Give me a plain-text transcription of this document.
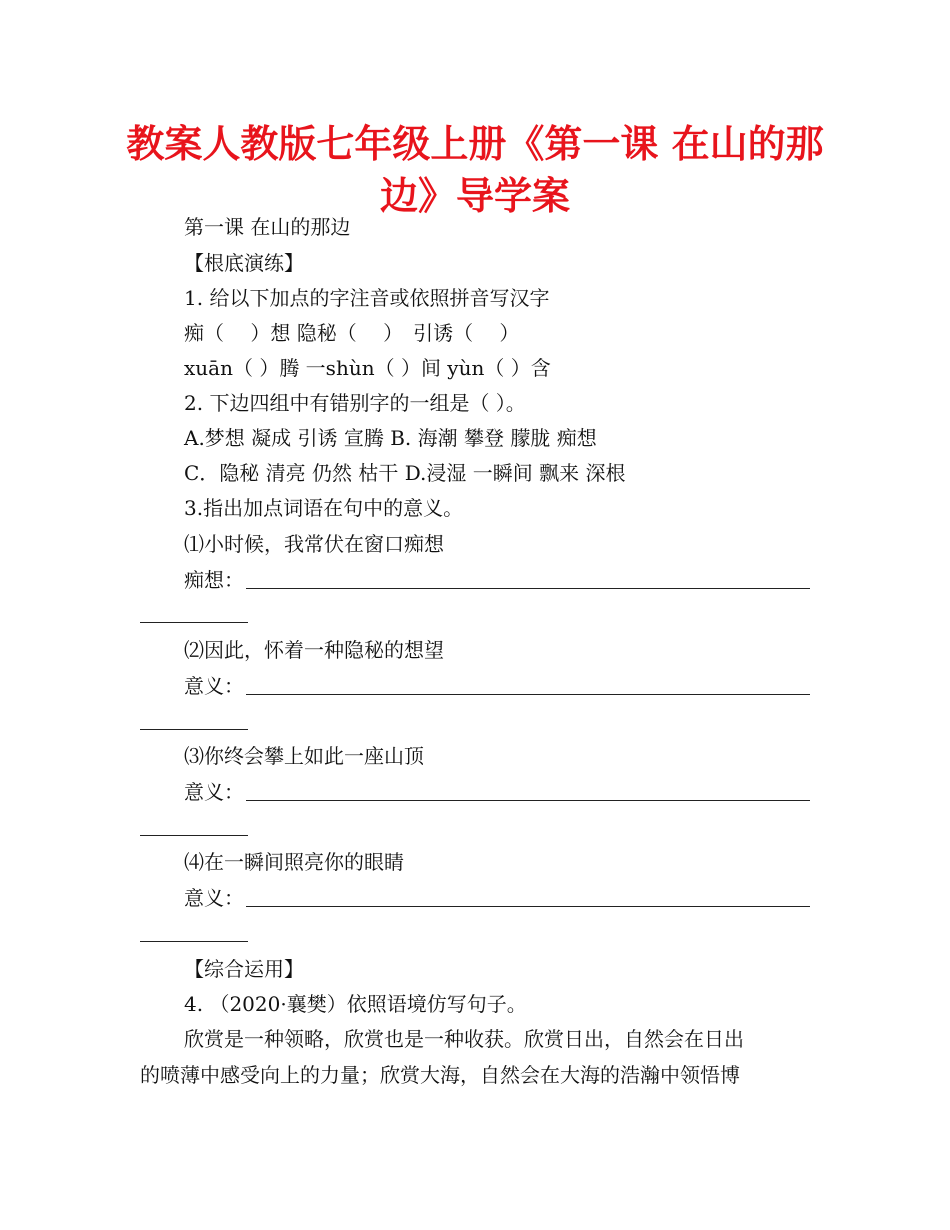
教案人教版七年级上册《第一课 在山的那边》导学案
第一课 在山的那边
【根底演练】
1. 给以下加点的字注音或依照拼音写汉字
痴（　 ）想 隐秘（　 ）　引诱（　 ）
xuān（ ）腾 一shùn（ ）间 yùn（ ）含
2. 下边四组中有错别字的一组是（ ）。
A.梦想 凝成 引诱 宣腾 B. 海潮 攀登 朦胧 痴想
C．隐秘 清亮 仍然 枯干 D.浸湿 一瞬间 飘来 深根
3.指出加点词语在句中的意义。
⑴小时候，我常伏在窗口痴想
痴想：
⑵因此，怀着一种隐秘的想望
意义：
⑶你终会攀上如此一座山顶
意义：
⑷在一瞬间照亮你的眼睛
意义：
【综合运用】
4. （2020·襄樊）依照语境仿写句子。
欣赏是一种领略，欣赏也是一种收获。欣赏日出，自然会在日出
的喷薄中感受向上的力量；欣赏大海，自然会在大海的浩瀚中领悟博
